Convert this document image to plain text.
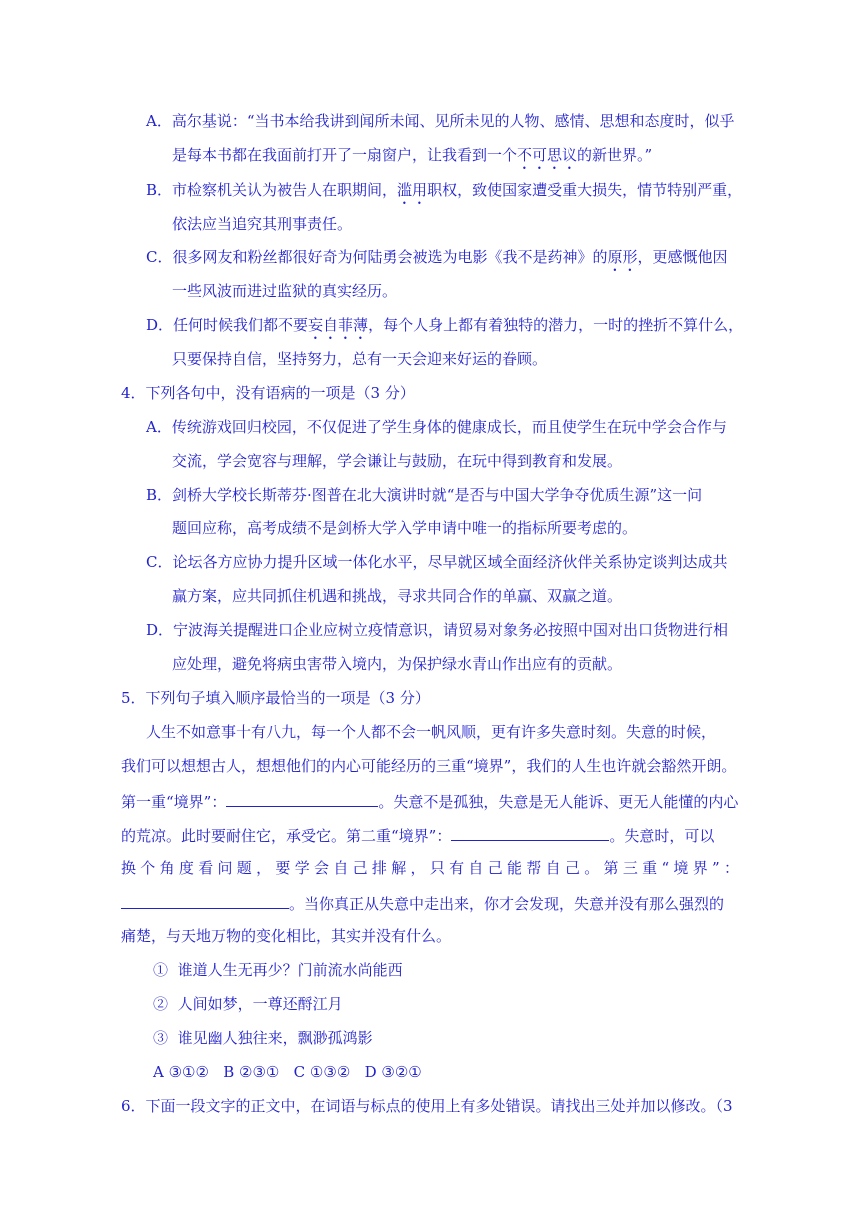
A．高尔基说：“当书本给我讲到闻所未闻、见所未见的人物、感情、思想和态度时，似乎
是每本书都在我面前打开了一扇窗户，让我看到一个不可思议的新世界。”
B．市检察机关认为被告人在职期间，滥用职权，致使国家遭受重大损失，情节特别严重，
依法应当追究其刑事责任。
C．很多网友和粉丝都很好奇为何陆勇会被选为电影《我不是药神》的原形，更感慨他因
一些风波而进过监狱的真实经历。
D．任何时候我们都不要妄自菲薄，每个人身上都有着独特的潜力，一时的挫折不算什么，
只要保持自信，坚持努力，总有一天会迎来好运的眷顾。
4．下列各句中，没有语病的一项是（3 分）
A．传统游戏回归校园，不仅促进了学生身体的健康成长，而且使学生在玩中学会合作与
交流，学会宽容与理解，学会谦让与鼓励，在玩中得到教育和发展。
B．剑桥大学校长斯蒂芬·图普在北大演讲时就“是否与中国大学争夺优质生源”这一问
题回应称，高考成绩不是剑桥大学入学申请中唯一的指标所要考虑的。
C．论坛各方应协力提升区域一体化水平，尽早就区域全面经济伙伴关系协定谈判达成共
赢方案，应共同抓住机遇和挑战，寻求共同合作的单赢、双赢之道。
D．宁波海关提醒进口企业应树立疫情意识，请贸易对象务必按照中国对出口货物进行相
应处理，避免将病虫害带入境内，为保护绿水青山作出应有的贡献。
5．下列句子填入顺序最恰当的一项是（3 分）
人生不如意事十有八九，每一个人都不会一帆风顺，更有许多失意时刻。失意的时候，
我们可以想想古人，想想他们的内心可能经历的三重“境界”，我们的人生也许就会豁然开朗。
第一重“境界”：	。失意不是孤独，失意是无人能诉、更无人能懂的内心
的荒凉。此时要耐住它，承受它。第二重“境界”：	。失意时，可以
换个角度看问题，要学会自己排解，只有自己能帮自己。第三重“境界”：
。当你真正从失意中走出来，你才会发现，失意并没有那么强烈的
痛楚，与天地万物的变化相比，其实并没有什么。
① 谁道人生无再少？门前流水尚能西
② 人间如梦，一尊还酹江月
③ 谁见幽人独往来，飘渺孤鸿影
A ③①②   B ②③①   C ①③②   D ③②①
6．下面一段文字的正文中，在词语与标点的使用上有多处错误。请找出三处并加以修改。（3
